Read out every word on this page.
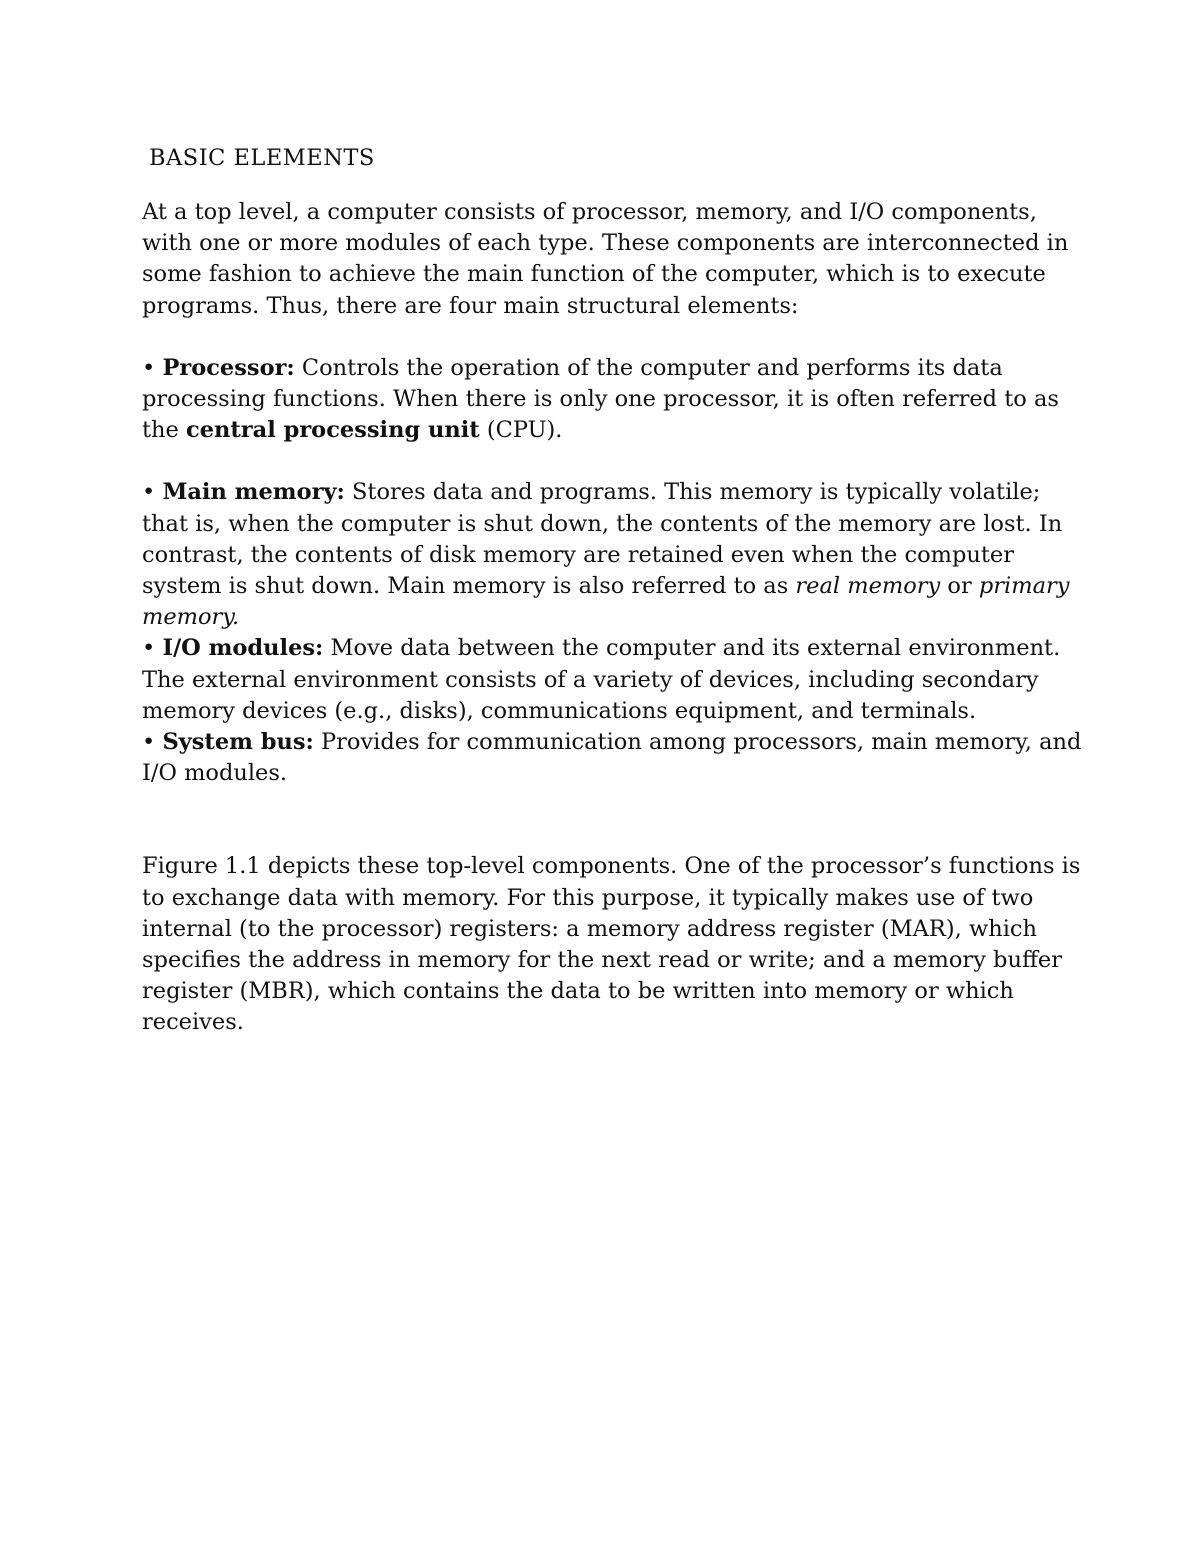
BASIC ELEMENTS

At a top level, a computer consists of processor, memory, and I/O components, with one or more modules of each type. These components are interconnected in some fashion to achieve the main function of the computer, which is to execute programs. Thus, there are four main structural elements:

• Processor: Controls the operation of the computer and performs its data processing functions. When there is only one processor, it is often referred to as the central processing unit (CPU).

• Main memory: Stores data and programs. This memory is typically volatile; that is, when the computer is shut down, the contents of the memory are lost. In contrast, the contents of disk memory are retained even when the computer system is shut down. Main memory is also referred to as real memory or primary memory.

• I/O modules: Move data between the computer and its external environment. The external environment consists of a variety of devices, including secondary memory devices (e.g., disks), communications equipment, and terminals.

• System bus: Provides for communication among processors, main memory, and I/O modules.

Figure 1.1 depicts these top-level components. One of the processor’s functions is to exchange data with memory. For this purpose, it typically makes use of two internal (to the processor) registers: a memory address register (MAR), which specifies the address in memory for the next read or write; and a memory buffer register (MBR), which contains the data to be written into memory or which receives.
